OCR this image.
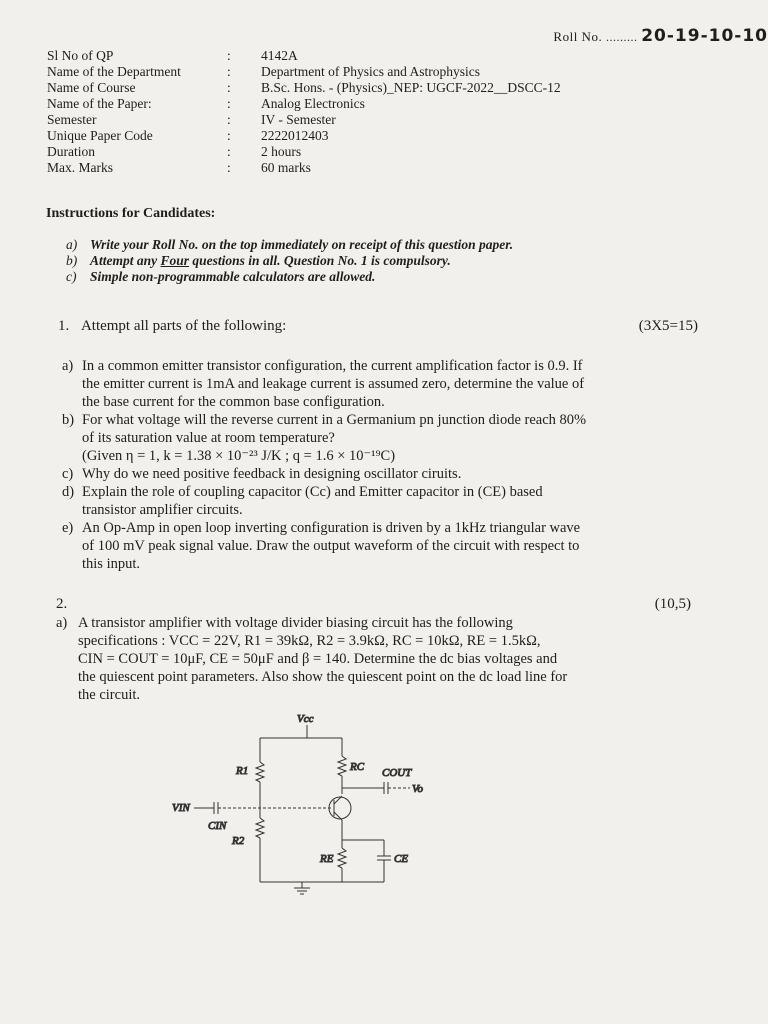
Roll No. ......... 20-19-10-10
Sl No of QP	:	4142A
Name of the Department	:	Department of Physics and Astrophysics
Name of Course	:	B.Sc. Hons. - (Physics)_NEP: UGCF-2022__DSCC-12
Name of the Paper:	:	Analog Electronics
Semester	:	IV - Semester
Unique Paper Code	:	2222012403
Duration	:	2 hours
Max. Marks	:	60 marks
Instructions for Candidates:
a) Write your Roll No. on the top immediately on receipt of this question paper.
b) Attempt any Four questions in all. Question No. 1 is compulsory.
c)	Simple non-programmable calculators are allowed.
1. Attempt all parts of the following:	(3X5=15)
a) In a common emitter transistor configuration, the current amplification factor is 0.9. If
the emitter current is 1mA and leakage current is assumed zero, determine the value of
the base current for the common base configuration.
b) For what voltage will the reverse current in a Germanium pn junction diode reach 80%
of its saturation value at room temperature?
(Given η = 1, k = 1.38 × 10⁻²³ J/K ; q = 1.6 × 10⁻¹⁹C)
c) Why do we need positive feedback in designing oscillator ciruits.
d) Explain the role of coupling capacitor (Cc) and Emitter capacitor in (CE) based
transistor amplifier circuits.
e) An Op-Amp in open loop inverting configuration is driven by a 1kHz triangular wave
of 100 mV peak signal value. Draw the output waveform of the circuit with respect to
this input.
2.	(10,5)
a) A transistor amplifier with voltage divider biasing circuit has the following
specifications : VCC = 22V, R1 = 39kΩ, R2 = 3.9kΩ, RC = 10kΩ, RE = 1.5kΩ,
CIN = COUT = 10μF, CE = 50μF and β = 140. Determine the dc bias voltages and
the quiescent point parameters. Also show the quiescent point on the dc load line for
the circuit.
Vcc
R1
R2
VIN
CIN
RC COUT
Vo
RE	CE
